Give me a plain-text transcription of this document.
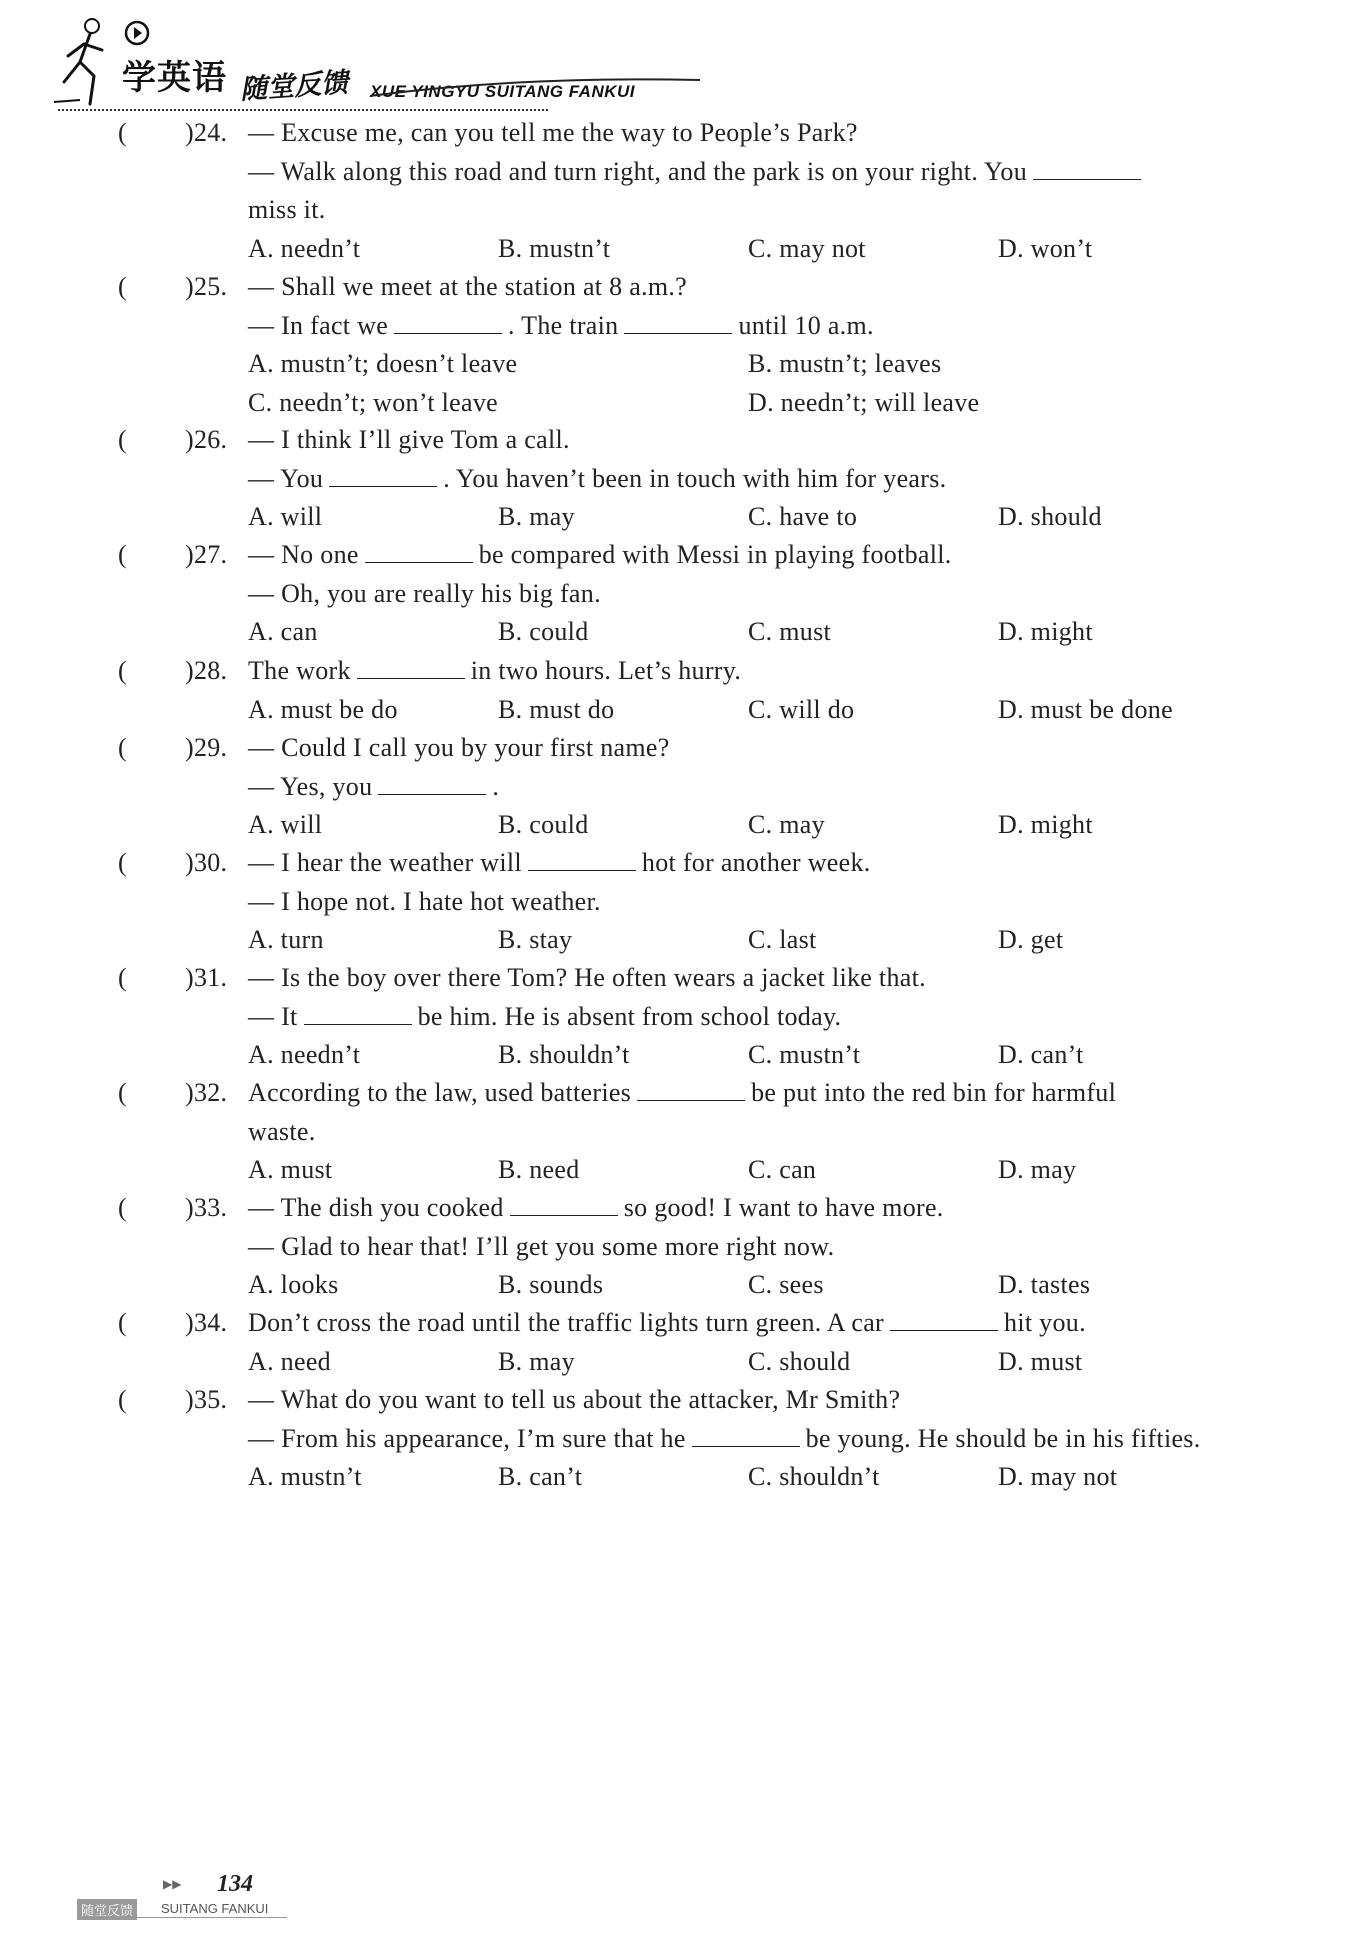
学英语 随堂反馈 XUE YINGYU SUITANG FANKUI
( )24. — Excuse me, can you tell me the way to People’s Park?
— Walk along this road and turn right, and the park is on your right. You
miss it.
A. needn’t	B. mustn’t	C. may not	D. won’t
( )25. — Shall we meet at the station at 8 a.m.?
— In fact we	. The train	until 10 a.m.
A. mustn’t; doesn’t leave	B. mustn’t; leaves
C. needn’t; won’t leave	D. needn’t; will leave
( )26. — I think I’ll give Tom a call.
— You	. You haven’t been in touch with him for years.
A. will	B. may	C. have to	D. should
( )27. — No one	be compared with Messi in playing football.
— Oh, you are really his big fan.
A. can	B. could	C. must	D. might
( )28. The work	in two hours. Let’s hurry.
A. must be do	B. must do	C. will do	D. must be done
( )29. — Could I call you by your first name?
— Yes, you	.
A. will	B. could	C. may	D. might
( )30. — I hear the weather will	hot for another week.
— I hope not. I hate hot weather.
A. turn	B. stay	C. last	D. get
( )31. — Is the boy over there Tom? He often wears a jacket like that.
— It	be him. He is absent from school today.
A. needn’t	B. shouldn’t	C. mustn’t	D. can’t
( )32. According to the law, used batteries	be put into the red bin for harmful
waste.
A. must	B. need	C. can	D. may
( )33. — The dish you cooked	so good! I want to have more.
— Glad to hear that! I’ll get you some more right now.
A. looks	B. sounds	C. sees	D. tastes
( )34. Don’t cross the road until the traffic lights turn green. A car	hit you.
A. need	B. may	C. should	D. must
( )35. — What do you want to tell us about the attacker, Mr Smith?
— From his appearance, I’m sure that he	be young. He should be in his fifties.
A. mustn’t	B. can’t	C. shouldn’t	D. may not
▶▶ 134
随堂反馈	SUITANG FANKUI
